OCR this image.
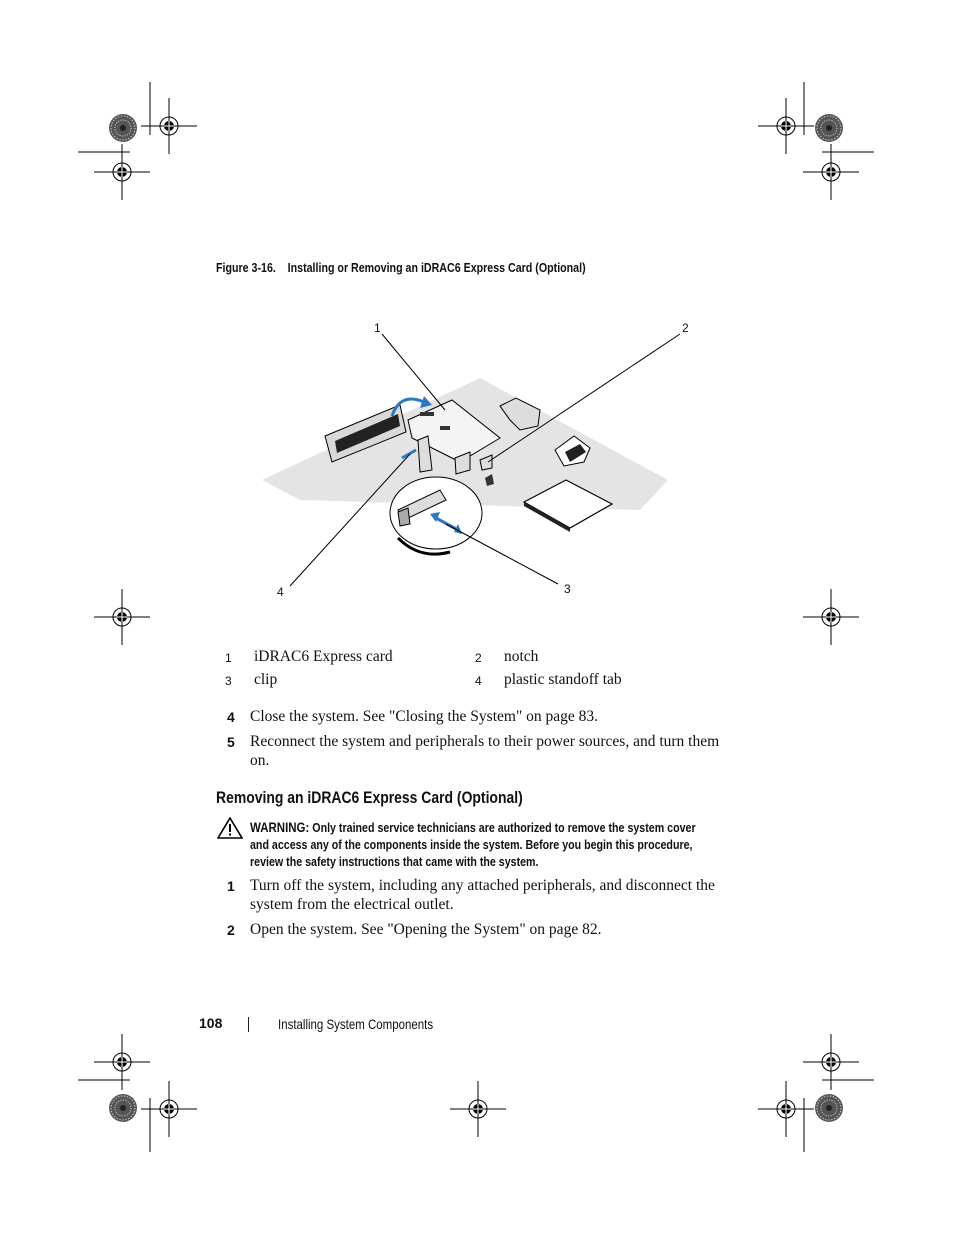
Figure 3-16.    Installing or Removing an iDRAC6 Express Card (Optional)
1	2
3
4
1 iDRAC6 Express card	2 notch
3 clip	4 plastic standoff tab
4 Close the system. See "Closing the System" on page 83.
5 Reconnect the system and peripherals to their power sources, and turn them on.
Removing an iDRAC6 Express Card (Optional)
WARNING: Only trained service technicians are authorized to remove the system cover and access any of the components inside the system. Before you begin this procedure, review the safety instructions that came with the system.
1 Turn off the system, including any attached peripherals, and disconnect the system from the electrical outlet.
2 Open the system. See "Opening the System" on page 82.
108	Installing System Components
